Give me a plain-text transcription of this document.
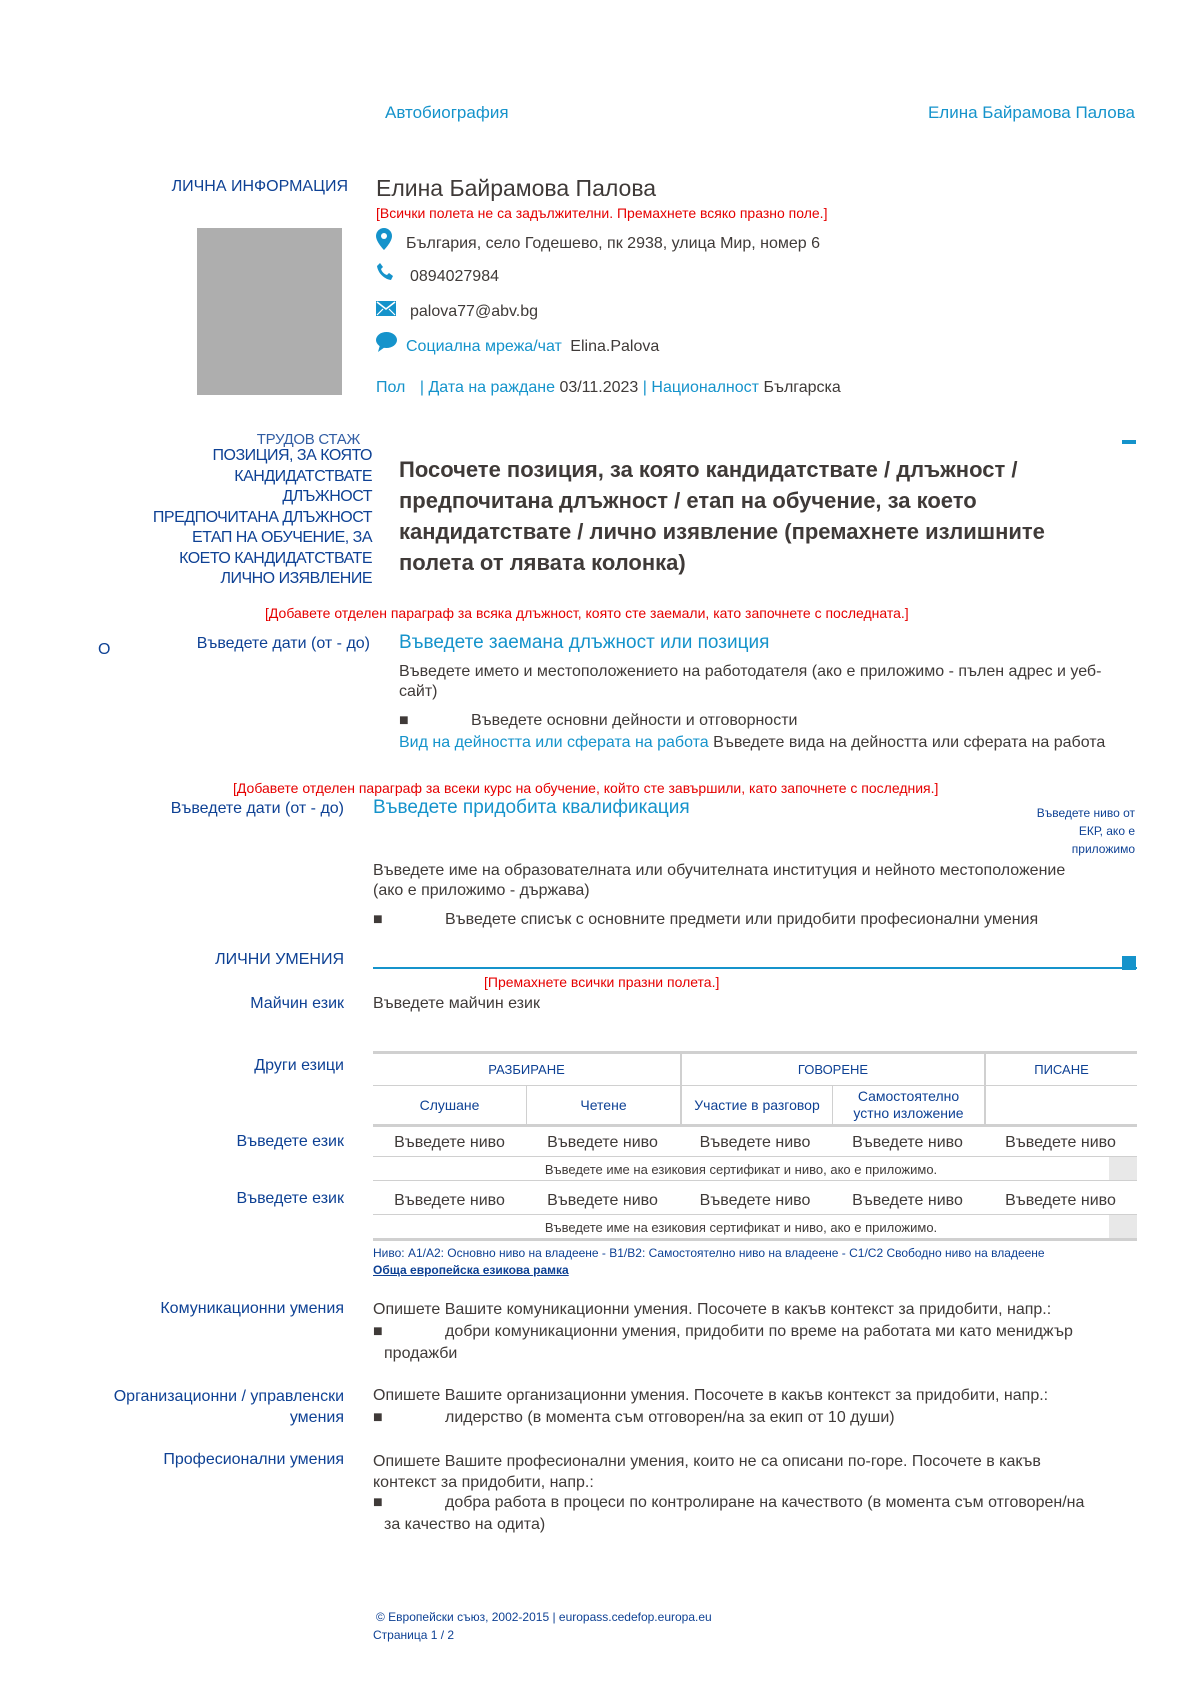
Автобиография	Елина Байрамова Палова
ЛИЧНА ИНФОРМАЦИЯ Елина Байрамова Палова
[Всички полета не са задължителни. Премахнете всяко празно поле.]
България, село Годешево, пк 2938, улица Мир, номер 6
0894027984
palova77@abv.bg
Социална мрежа/чат Elina.Palova
Пол | Дата на раждане 03/11.2023 | Националност Българска
ТРУДОВ СТАЖ
ПОЗИЦИЯ, ЗА КОЯТО
КАНДИДАТСТВАТЕ
ДЛЪЖНОСТ
ПРЕДПОЧИТАНА ДЛЪЖНОСТ
ЕТАП НА ОБУЧЕНИЕ, ЗА
КОЕТО КАНДИДАТСТВАТЕ
ЛИЧНО ИЗЯВЛЕНИЕ
Посочете позиция, за която кандидатствате / длъжност /
предпочитана длъжност / етап на обучение, за което
кандидатствате / лично изявление (премахнете излишните
полета от лявата колонка)
[Добавете отделен параграф за всяка длъжност, която сте заемали, като започнете с последната.]
О	Въведете дати (от - до) Въведете заемана длъжност или позиция
Въведете името и местоположението на работодателя (ако е приложимо - пълен адрес и уеб-
сайт)
■	Въведете основни дейности и отговорности
Вид на дейността или сферата на работа Въведете вида на дейността или сферата на работа
[Добавете отделен параграф за всеки курс на обучение, който сте завършили, като започнете с последния.]
Въведете дати (от - до) Въведете придобита квалификация	Въведете ниво от
ЕКР, ако е
приложимо
Въведете име на образователната или обучителната институция и нейното местоположение
(ако е приложимо - държава)
■	Въведете списък с основните предмети или придобити професионални умения
ЛИЧНИ УМЕНИЯ
[Премахнете всички празни полета.]
Майчин език Въведете майчин език
Други езици	РАЗБИРАНЕ	ГОВОРЕНЕ	ПИСАНЕ
Слушане	Четене	Участие в разговор
Самостоятелно
устно изложение
Въведете език	Въведете ниво	Въведете ниво	Въведете ниво	Въведете ниво	Въведете ниво
Въведете име на езиковия сертификат и ниво, ако е приложимо.
Въведете език	Въведете ниво	Въведете ниво	Въведете ниво	Въведете ниво	Въведете ниво
Въведете име на езиковия сертификат и ниво, ако е приложимо.
Ниво: A1/A2: Основно ниво на владеене - B1/B2: Самостоятелно ниво на владеене - C1/C2 Свободно ниво на владеене
Обща европейска езикова рамка
Комуникационни умения Опишете Вашите комуникационни умения. Посочете в какъв контекст за придобити, напр.:
■	добри комуникационни умения, придобити по време на работата ми като мениджър
продажби
Организационни / управленски
умения
Опишете Вашите организационни умения. Посочете в какъв контекст за придобити, напр.:
■	лидерство (в момента съм отговорен/на за екип от 10 души)
Професионални умения Опишете Вашите професионални умения, които не са описани по-горе. Посочете в какъв
контекст за придобити, напр.:
■	добра работа в процеси по контролиране на качеството (в момента съм отговорен/на
за качество на одита)
© Европейски съюз, 2002-2015 | europass.cedefop.europa.eu
Страница 1 / 2
